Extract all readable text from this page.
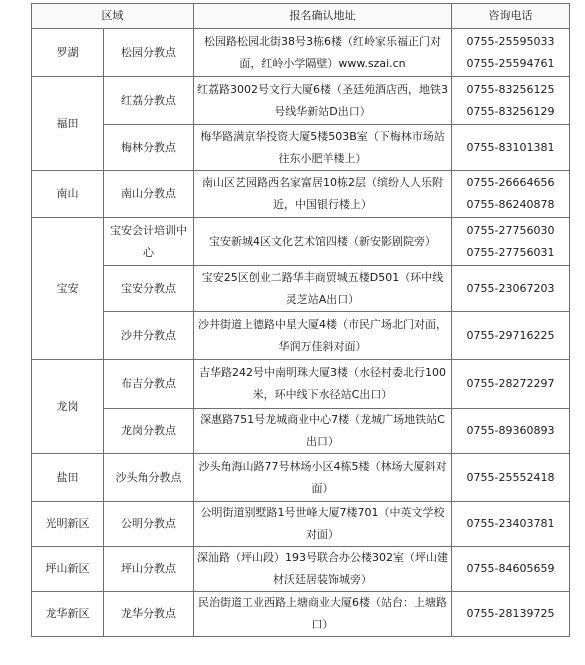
区域		报名确认地址	咨询电话
罗湖	松园分教点	松园路松园北街38号3栋6楼（红岭家乐福正门对面，红岭小学隔壁）www.szai.cn	0755-25595033
0755-25594761

福田	红荔分教点	红荔路3002号文行大厦6楼（圣廷苑酒店西，地铁3号线华新站D出口）	0755-83256125
0755-83256129

	梅林分教点	梅华路满京华投资大厦5楼503B室（下梅林市场站往东小肥羊楼上）	0755-83101381

南山	南山分教点	南山区艺园路西名家富居10栋2层（缤纷人人乐附近，中国银行楼上）	0755-26664656
0755-86240878

宝安	宝安会计培训中心	宝安新城4区文化艺术馆四楼（新安影剧院旁）	0755-27756030
0755-27756031

	宝安分教点	宝安25区创业二路华丰商贸城五楼D501（环中线灵芝站A出口）	0755-23067203

	沙井分教点	沙井街道上德路中星大厦4楼（市民广场北门对面，华润万佳斜对面）	0755-29716225

龙岗	布吉分教点	吉华路242号中南明珠大厦3楼（水径村委北行100米，环中线下水径站C出口）	0755-28272297

	龙岗分教点	深惠路751号龙城商业中心7楼（龙城广场地铁站C出口）	0755-89360893

盐田	沙头角分教点	沙头角海山路77号林场小区4栋5楼（林场大厦斜对面）	0755-25552418

光明新区	公明分教点	公明街道别墅路1号世峰大厦7楼701（中英文学校对面）	0755-23403781

坪山新区	坪山分教点	深汕路（坪山段）193号联合办公楼302室（坪山建材沃廷居装饰城旁）	0755-84605659

龙华新区	龙华分教点	民治街道工业西路上塘商业大厦6楼（站台：上塘路口）	0755-28139725
